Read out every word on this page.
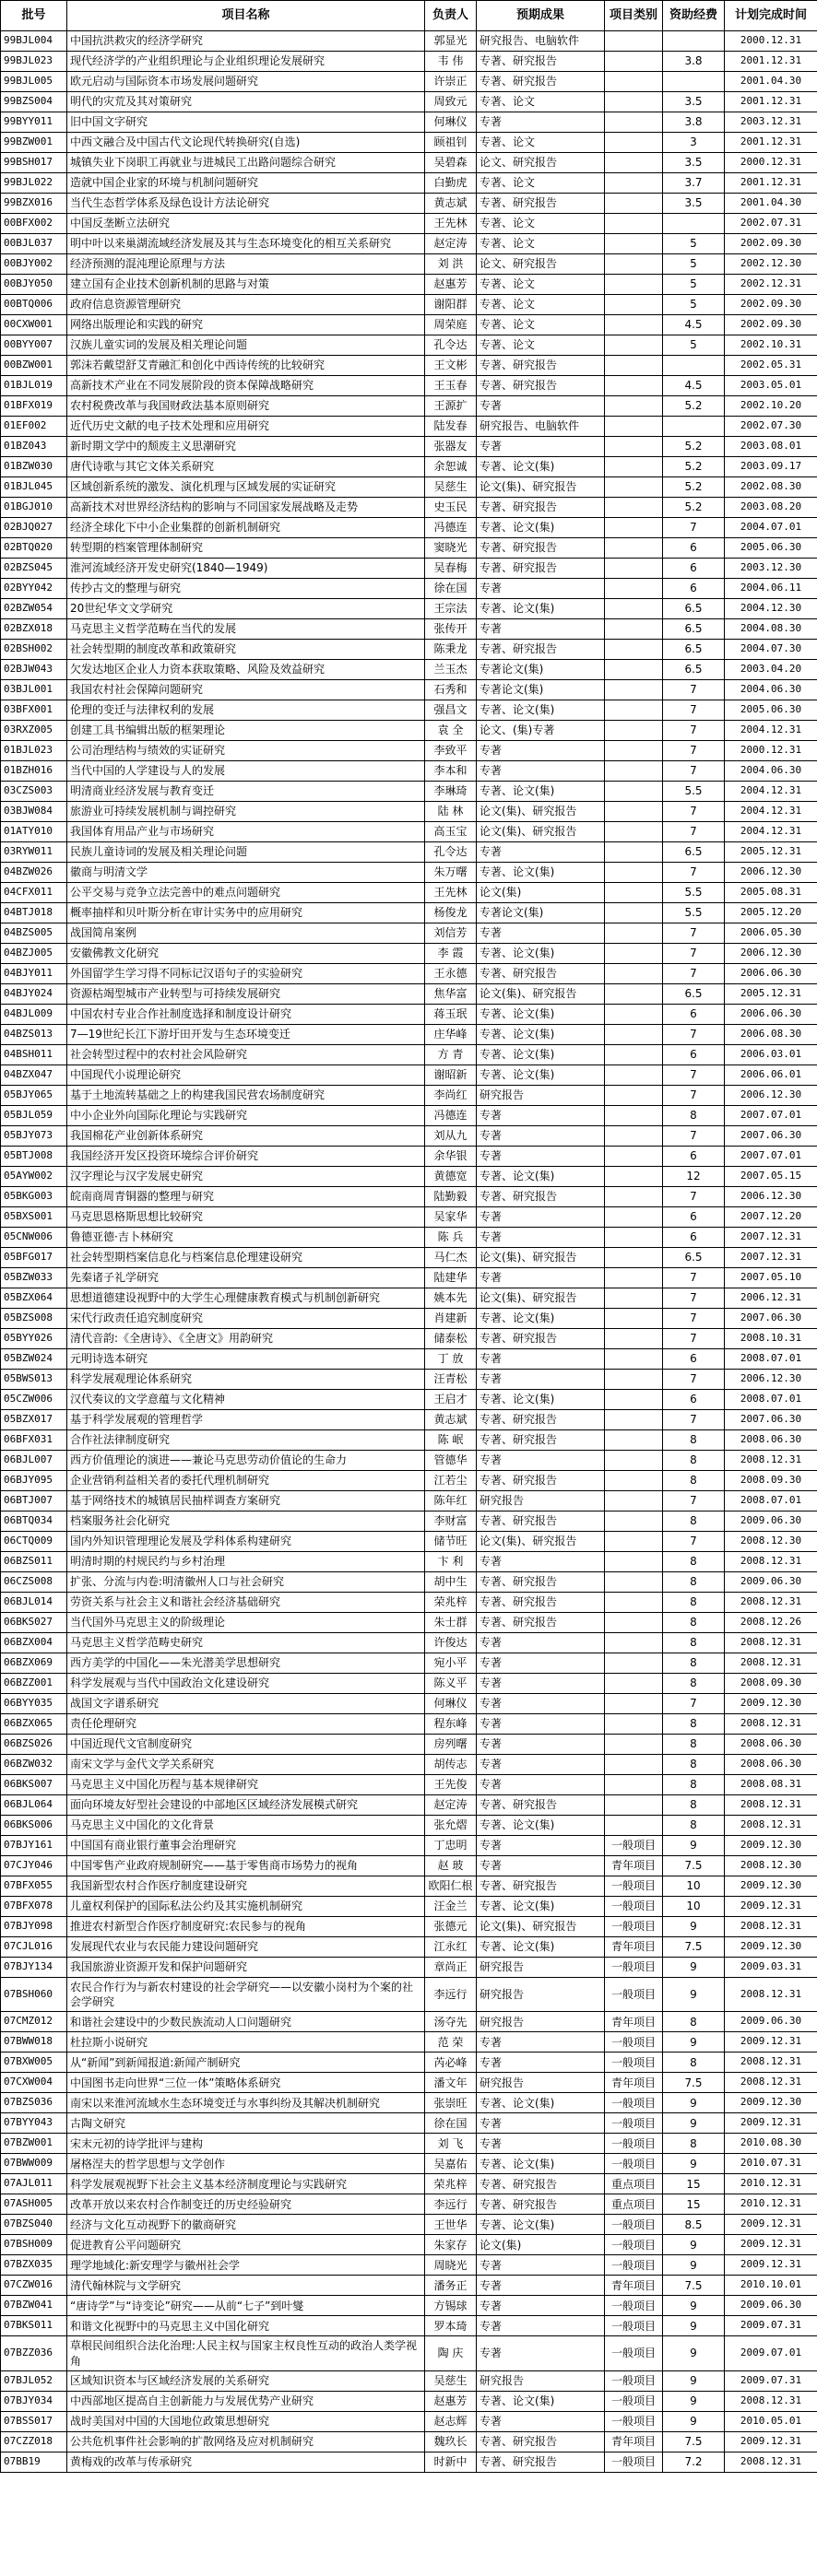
批号	项目名称	负责人	预期成果	项目类别	资助经费	计划完成时间
99BJL004	中国抗洪救灾的经济学研究	郭显光	研究报告、电脑软件			2000.12.31
99BJL023	现代经济学的产业组织理论与企业组织理论发展研究	韦 伟	专著、研究报告		3.8	2001.12.31
99BJL005	欧元启动与国际资本市场发展问题研究	许崇正	专著、研究报告			2001.04.30
99BZS004	明代的灾荒及其对策研究	周致元	专著、论文		3.5	2001.12.31
99BYY011	旧中国文字研究	何琳仪	专著		3.8	2003.12.31
99BZW001	中西文融合及中国古代文论现代转换研究(自选)	顾祖钊	专著、论文		3	2001.12.31
99BSH017	城镇失业下岗职工再就业与进城民工出路问题综合研究	吴碧森	论文、研究报告		3.5	2000.12.31
99BJL022	造就中国企业家的环境与机制问题研究	白勤虎	专著、论文		3.7	2001.12.31
99BZX016	当代生态哲学体系及绿色设计方法论研究	黄志斌	专著、研究报告		3.5	2001.04.30
00BFX002	中国反垄断立法研究	王先林	专著、论文			2002.07.31
00BJL037	明中叶以来巢湖流域经济发展及其与生态环境变化的相互关系研究	赵定涛	专著、论文		5	2002.09.30
00BJY002	经济预测的混沌理论原理与方法	刘 洪	论文、研究报告		5	2002.12.30
00BJY050	建立国有企业技术创新机制的思路与对策	赵惠芳	专著、论文		5	2002.12.31
00BTQ006	政府信息资源管理研究	谢阳群	专著、论文		5	2002.09.30
00CXW001	网络出版理论和实践的研究	周荣庭	专著、论文		4.5	2002.09.30
00BYY007	汉族儿童实词的发展及相关理论问题	孔令达	专著、论文		5	2002.10.31
00BZW001	郭沫若戴望舒艾青融汇和创化中西诗传统的比较研究	王文彬	专著、研究报告			2002.05.31
01BJL019	高新技术产业在不同发展阶段的资本保障战略研究	王玉春	专著、研究报告		4.5	2003.05.01
01BFX019	农村税费改革与我国财政法基本原则研究	王源扩	专著		5.2	2002.10.20
01EF002	近代历史文献的电子技术处理和应用研究	陆发春	研究报告、电脑软件			2002.07.30
01BZ043	新时期文学中的颓废主义思潮研究	张器友	专著		5.2	2003.08.01
01BZW030	唐代诗歌与其它文体关系研究	余恕诚	专著、论文(集)		5.2	2003.09.17
01BJL045	区域创新系统的激发、演化机理与区域发展的实证研究	吴慈生	论文(集)、研究报告		5.2	2002.08.30
01BGJ010	高新技术对世界经济结构的影响与不同国家发展战略及走势	史玉民	专著、研究报告		5.2	2003.08.20
02BJQ027	经济全球化下中小企业集群的创新机制研究	冯德连	专著、论文(集)		7	2004.07.01
02BTQ020	转型期的档案管理体制研究	窦晓光	专著、研究报告		6	2005.06.30
02BZS045	淮河流域经济开发史研究(1840—1949)	吴春梅	专著、研究报告		6	2003.12.30
02BYY042	传抄古文的整理与研究	徐在国	专著		6	2004.06.11
02BZW054	20世纪华文文学研究	王宗法	专著、论文(集)		6.5	2004.12.30
02BZX018	马克思主义哲学范畴在当代的发展	张传开	专著		6.5	2004.08.30
02BSH002	社会转型期的制度改革和政策研究	陈秉龙	专著、研究报告		6.5	2004.07.30
02BJW043	欠发达地区企业人力资本获取策略、风险及效益研究	兰玉杰	专著论文(集)		6.5	2003.04.20
03BJL001	我国农村社会保障问题研究	石秀和	专著论文(集)		7	2004.06.30
03BFX001	伦理的变迁与法律权利的发展	强昌文	专著、论文(集)		7	2005.06.30
03RXZ005	创建工具书编辑出版的框架理论	袁 全	论文、(集)专著		7	2004.12.31
01BJL023	公司治理结构与绩效的实证研究	李致平	专著		7	2000.12.31
01BZH016	当代中国的人学建设与人的发展	李本和	专著		7	2004.06.30
03CZS003	明清商业经济发展与教育变迁	李琳琦	专著、论文(集)		5.5	2004.12.31
03BJW084	旅游业可持续发展机制与调控研究	陆 林	论文(集)、研究报告		7	2004.12.31
01ATY010	我国体育用品产业与市场研究	高玉宝	论文(集)、研究报告		7	2004.12.31
03RYW011	民族儿童诗词的发展及相关理论问题	孔令达	专著		6.5	2005.12.31
04BZW026	徽商与明清文学	朱万曙	专著、论文(集)		7	2006.12.30
04CFX011	公平交易与竞争立法完善中的难点问题研究	王先林	论文(集)		5.5	2005.08.31
04BTJ018	概率抽样和贝叶斯分析在审计实务中的应用研究	杨俊龙	专著论文(集)		5.5	2005.12.20
04BZS005	战国简帛案例	刘信芳	专著		7	2006.05.30
04BZJ005	安徽佛教文化研究	李 霞	专著、论文(集)		7	2006.12.30
04BJY011	外国留学生学习得不同标记汉语句子的实验研究	王永德	专著、研究报告		7	2006.06.30
04BJY024	资源枯竭型城市产业转型与可持续发展研究	焦华富	论文(集)、研究报告		6.5	2005.12.31
04BJL009	中国农村专业合作社制度选择和制度设计研究	蒋玉珉	专著、论文(集)		6	2006.06.30
04BZS013	7—19世纪长江下游圩田开发与生态环境变迁	庄华峰	专著、论文(集)		7	2006.08.30
04BSH011	社会转型过程中的农村社会风险研究	方 青	专著、论文(集)		6	2006.03.01
04BZX047	中国现代小说理论研究	谢昭新	专著、论文(集)		7	2006.06.01
05BJY065	基于土地流转基础之上的构建我国民营农场制度研究	李尚红	研究报告		7	2006.12.30
05BJL059	中小企业外向国际化理论与实践研究	冯德连	专著		8	2007.07.01
05BJY073	我国棉花产业创新体系研究	刘从九	专著		7	2007.06.30
05BTJ008	我国经济开发区投资环境综合评价研究	余华银	专著		6	2007.07.01
05AYW002	汉字理论与汉字发展史研究	黄德宽	专著、论文(集)		12	2007.05.15
05BKG003	皖南商周青铜器的整理与研究	陆勤毅	专著、研究报告		7	2006.12.30
05BXS001	马克思恩格斯思想比较研究	吴家华	专著		6	2007.12.20
05CNW006	鲁德亚德·吉卜林研究	陈 兵	专著		6	2007.12.31
05BFG017	社会转型期档案信息化与档案信息伦理建设研究	马仁杰	论文(集)、研究报告		6.5	2007.12.31
05BZW033	先秦诸子礼学研究	陆建华	专著		7	2007.05.10
05BZX064	思想道德建设视野中的大学生心理健康教育模式与机制创新研究	姚本先	论文(集)、研究报告		7	2006.12.31
05BZS008	宋代行政责任追究制度研究	肖建新	专著、论文(集)		7	2007.06.30
05BYY026	清代音韵:《全唐诗》、《全唐文》用韵研究	储泰松	专著、研究报告		7	2008.10.31
05BZW024	元明诗选本研究	丁 放	专著		6	2008.07.01
05BWS013	科学发展观理论体系研究	汪青松	专著		7	2006.12.30
05CZW006	汉代奏议的文学意蕴与文化精神	王启才	专著、论文(集)		6	2008.07.01
05BZX017	基于科学发展观的管理哲学	黄志斌	专著、研究报告		7	2007.06.30
06BFX031	合作社法律制度研究	陈 岷	专著、研究报告		8	2008.06.30
06BJL007	西方价值理论的演进——兼论马克思劳动价值论的生命力	管德华	专著		8	2008.12.31
06BJY095	企业营销利益相关者的委托代理机制研究	江若尘	专著、研究报告		8	2008.09.30
06BTJ007	基于网络技术的城镇居民抽样调查方案研究	陈年红	研究报告		7	2008.07.01
06BTQ034	档案服务社会化研究	李财富	专著、研究报告		8	2009.06.30
06CTQ009	国内外知识管理理论发展及学科体系构建研究	储节旺	论文(集)、研究报告		7	2008.12.30
06BZS011	明清时期的村规民约与乡村治理	卞 利	专著		8	2008.12.31
06CZS008	扩张、分流与内卷:明清徽州人口与社会研究	胡中生	专著、研究报告		8	2009.06.30
06BJL014	劳资关系与社会主义和谐社会经济基础研究	荣兆梓	专著、研究报告		8	2008.12.31
06BKS027	当代国外马克思主义的阶级理论	朱士群	专著、研究报告		8	2008.12.26
06BZX004	马克思主义哲学范畴史研究	许俊达	专著		8	2008.12.31
06BZX069	西方美学的中国化——朱光潜美学思想研究	宛小平	专著		8	2008.12.31
06BZZ001	科学发展观与当代中国政治文化建设研究	陈义平	专著		8	2008.09.30
06BYY035	战国文字谱系研究	何琳仪	专著		7	2009.12.30
06BZX065	责任伦理研究	程东峰	专著		8	2008.12.31
06BZS026	中国近现代文官制度研究	房列曙	专著		8	2008.06.30
06BZW032	南宋文学与金代文学关系研究	胡传志	专著		8	2008.06.30
06BKS007	马克思主义中国化历程与基本规律研究	王先俊	专著		8	2008.08.31
06BJL064	面向环境友好型社会建设的中部地区区域经济发展模式研究	赵定涛	专著、研究报告		8	2008.12.31
06BKS006	马克思主义中国化的文化背景	张允熠	专著、论文(集)		8	2008.12.31
07BJY161	中国国有商业银行董事会治理研究	丁忠明	专著	一般项目	9	2009.12.30
07CJY046	中国零售产业政府规制研究——基于零售商市场势力的视角	赵 玻	专著	青年项目	7.5	2008.12.30
07BFX055	我国新型农村合作医疗制度建设研究	欧阳仁根	专著、研究报告	一般项目	10	2009.12.30
07BFX078	儿童权利保护的国际私法公约及其实施机制研究	汪金兰	专著、论文(集)	一般项目	10	2009.12.31
07BJY098	推进农村新型合作医疗制度研究:农民参与的视角	张德元	论文(集)、研究报告	一般项目	9	2008.12.31
07CJL016	发展现代农业与农民能力建设问题研究	江永红	专著、论文(集)	青年项目	7.5	2009.12.30
07BJY134	我国旅游业资源开发和保护问题研究	章尚正	研究报告	一般项目	9	2009.03.31
07BSH060	农民合作行为与新农村建设的社会学研究——以安徽小岗村为个案的社会学研究	李远行	研究报告	一般项目	9	2008.12.31
07CMZ012	和谐社会建设中的少数民族流动人口问题研究	汤夺先	研究报告	青年项目	8	2009.06.30
07BWW018	杜拉斯小说研究	范 荣	专著	一般项目	9	2009.12.31
07BXW005	从“新闻”到新闻报道:新闻产制研究	芮必峰	专著	一般项目	8	2008.12.31
07CXW004	中国图书走向世界“三位一体”策略体系研究	潘文年	研究报告	青年项目	7.5	2008.12.31
07BZS036	南宋以来淮河流域水生态环境变迁与水事纠纷及其解决机制研究	张崇旺	专著、论文(集)	一般项目	9	2009.12.30
07BYY043	古陶文研究	徐在国	专著	一般项目	9	2009.12.31
07BZW001	宋末元初的诗学批评与建构	刘 飞	专著	一般项目	8	2010.08.30
07BWW009	屠格涅夫的哲学思想与文学创作	吴嘉佑	专著、论文(集)	一般项目	9	2010.07.31
07AJL011	科学发展观视野下社会主义基本经济制度理论与实践研究	荣兆梓	专著、研究报告	重点项目	15	2010.12.31
07ASH005	改革开放以来农村合作制变迁的历史经验研究	李远行	专著、研究报告	重点项目	15	2010.12.31
07BZS040	经济与文化互动视野下的徽商研究	王世华	专著、论文(集)	一般项目	8.5	2009.12.31
07BSH009	促进教育公平问题研究	朱家存	论文(集)	一般项目	9	2009.12.31
07BZX035	理学地域化:新安理学与徽州社会学	周晓光	专著	一般项目	9	2009.12.31
07CZW016	清代翰林院与文学研究	潘务正	专著	青年项目	7.5	2010.10.01
07BZW041	“唐诗学”与“诗变论”研究——从前“七子”到叶燮	方锡球	专著	一般项目	9	2009.06.30
07BKS011	和谐文化视野中的马克思主义中国化研究	罗本琦	专著	一般项目	9	2009.07.31
07BZZ036	草根民间组织合法化治理:人民主权与国家主权良性互动的政治人类学视角	陶 庆	专著	一般项目	9	2009.07.01
07BJL052	区域知识资本与区域经济发展的关系研究	吴慈生	研究报告	一般项目	9	2009.07.31
07BJY034	中西部地区提高自主创新能力与发展优势产业研究	赵惠芳	专著、论文(集)	一般项目	9	2008.12.31
07BSS017	战时美国对中国的大国地位政策思想研究	赵志辉	专著	一般项目	9	2010.05.01
07CZZ018	公共危机事件社会影响的扩散网络及应对机制研究	魏玖长	专著、研究报告	青年项目	7.5	2009.12.31
07BB19	黄梅戏的改革与传承研究	时新中	专著、研究报告	一般项目	7.2	2008.12.31
